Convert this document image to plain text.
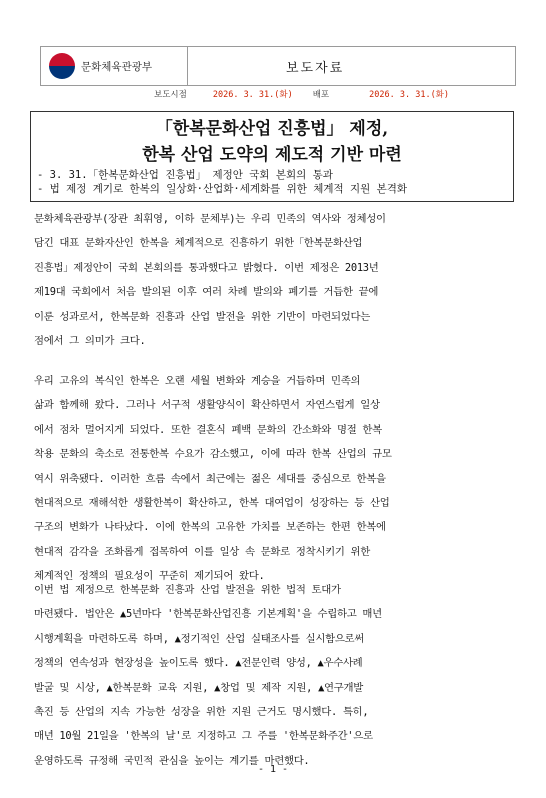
문화체육관광부	보도자료
보도시점	2026. 3. 31.(화) 배포	2026. 3. 31.(화)
「한복문화산업 진흥법」 제정,
한복 산업 도약의 제도적 기반 마련
- 3. 31.「한복문화산업 진흥법」 제정안 국회 본회의 통과
- 법 제정 계기로 한복의 일상화·산업화·세계화를 위한 체계적 지원 본격화
문화체육관광부(장관 최휘영, 이하 문체부)는 우리 민족의 역사와 정체성이
담긴 대표 문화자산인 한복을 체계적으로 진흥하기 위한「한복문화산업
진흥법」제정안이 국회 본회의를 통과했다고 밝혔다. 이번 제정은 2013년
제19대 국회에서 처음 발의된 이후 여러 차례 발의와 폐기를 거듭한 끝에
이룬 성과로서, 한복문화 진흥과 산업 발전을 위한 기반이 마련되었다는
점에서 그 의미가 크다.
우리 고유의 복식인 한복은 오랜 세월 변화와 계승을 거듭하며 민족의
삶과 함께해 왔다. 그러나 서구적 생활양식이 확산하면서 자연스럽게 일상
에서 점차 멀어지게 되었다. 또한 결혼식 폐백 문화의 간소화와 명절 한복
착용 문화의 축소로 전통한복 수요가 감소했고, 이에 따라 한복 산업의 규모
역시 위축됐다. 이러한 흐름 속에서 최근에는 젊은 세대를 중심으로 한복을
현대적으로 재해석한 생활한복이 확산하고, 한복 대여업이 성장하는 등 산업
구조의 변화가 나타났다. 이에 한복의 고유한 가치를 보존하는 한편 한복에
현대적 감각을 조화롭게 접목하여 이를 일상 속 문화로 정착시키기 위한
체계적인 정책의 필요성이 꾸준히 제기되어 왔다.
이번 법 제정으로 한복문화 진흥과 산업 발전을 위한 법적 토대가
마련됐다. 법안은 ▲5년마다 '한복문화산업진흥 기본계획'을 수립하고 매년
시행계획을 마련하도록 하며, ▲정기적인 산업 실태조사를 실시함으로써
정책의 연속성과 현장성을 높이도록 했다. ▲전문인력 양성, ▲우수사례
발굴 및 시상, ▲한복문화 교육 지원, ▲창업 및 제작 지원, ▲연구개발
촉진 등 산업의 지속 가능한 성장을 위한 지원 근거도 명시했다. 특히,
매년 10월 21일을 '한복의 날'로 지정하고 그 주를 '한복문화주간'으로
운영하도록 규정해 국민적 관심을 높이는 계기를 마련했다.
- 1 -
